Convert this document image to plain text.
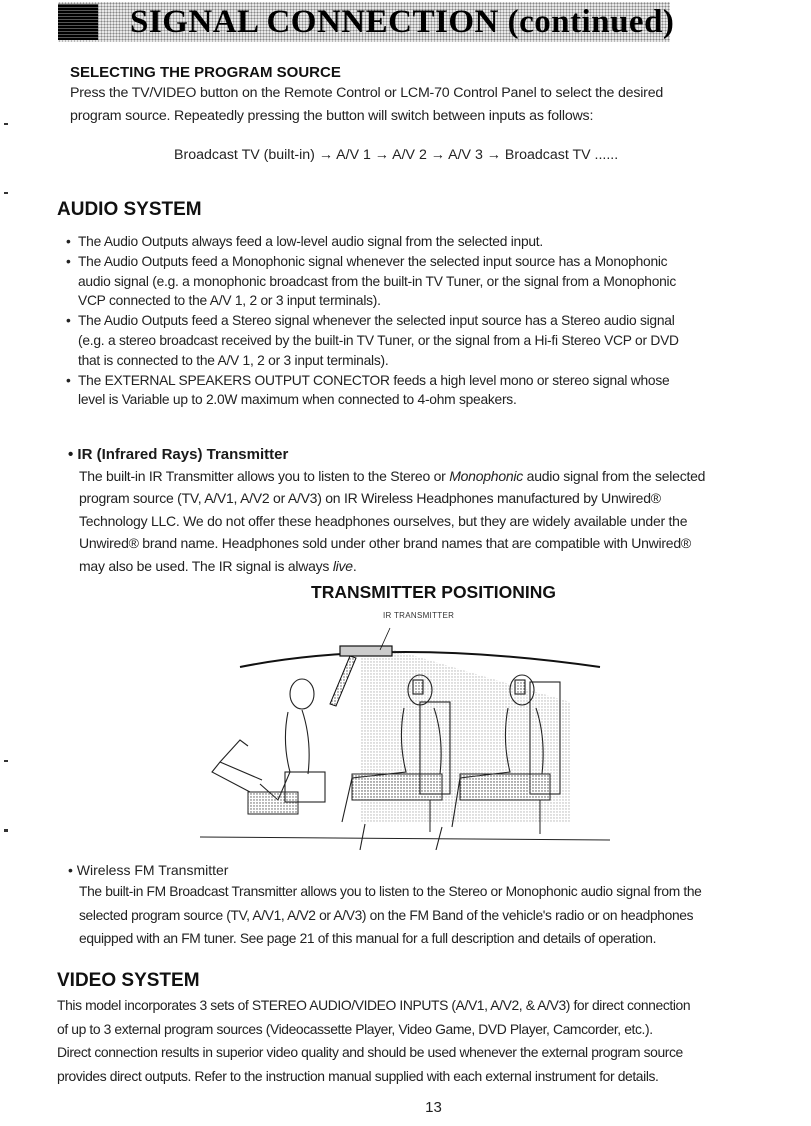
SIGNAL CONNECTION (continued)
SELECTING THE PROGRAM SOURCE

Press the TV/VIDEO button on the Remote Control or LCM-70 Control Panel to select the desired
program source. Repeatedly pressing the button will switch between inputs as follows:

Broadcast TV (built-in) → A/V 1 → A/V 2 → A/V 3 → Broadcast TV ......
AUDIO SYSTEM
• The Audio Outputs always feed a low-level audio signal from the selected input.
• The Audio Outputs feed a Monophonic signal whenever the selected input source has a Monophonic
audio signal (e.g. a monophonic broadcast from the built-in TV Tuner, or the signal from a Monophonic
VCP connected to the A/V 1, 2 or 3 input terminals).
• The Audio Outputs feed a Stereo signal whenever the selected input source has a Stereo audio signal
(e.g. a stereo broadcast received by the built-in TV Tuner, or the signal from a Hi-fi Stereo VCP or DVD
that is connected to the A/V 1, 2 or 3 input terminals).
• The EXTERNAL SPEAKERS OUTPUT CONECTOR feeds a high level mono or stereo signal whose
level is Variable up to 2.0W maximum when connected to 4-ohm speakers.
• IR (Infrared Rays) Transmitter
The built-in IR Transmitter allows you to listen to the Stereo or Monophonic audio signal from the selected
program source (TV, A/V1, A/V2 or A/V3) on IR Wireless Headphones manufactured by Unwired®
Technology LLC. We do not offer these headphones ourselves, but they are widely available under the
Unwired® brand name. Headphones sold under other brand names that are compatible with Unwired®
may also be used. The IR signal is always live.
TRANSMITTER POSITIONING
IR TRANSMITTER
• Wireless FM Transmitter
The built-in FM Broadcast Transmitter allows you to listen to the Stereo or Monophonic audio signal from the
selected program source (TV, A/V1, A/V2 or A/V3) on the FM Band of the vehicle's radio or on headphones
equipped with an FM tuner. See page 21 of this manual for a full description and details of operation.
VIDEO SYSTEM
This model incorporates 3 sets of STEREO AUDIO/VIDEO INPUTS (A/V1, A/V2, & A/V3) for direct connection
of up to 3 external program sources (Videocassette Player, Video Game, DVD Player, Camcorder, etc.).
Direct connection results in superior video quality and should be used whenever the external program source
provides direct outputs. Refer to the instruction manual supplied with each external instrument for details.
13
